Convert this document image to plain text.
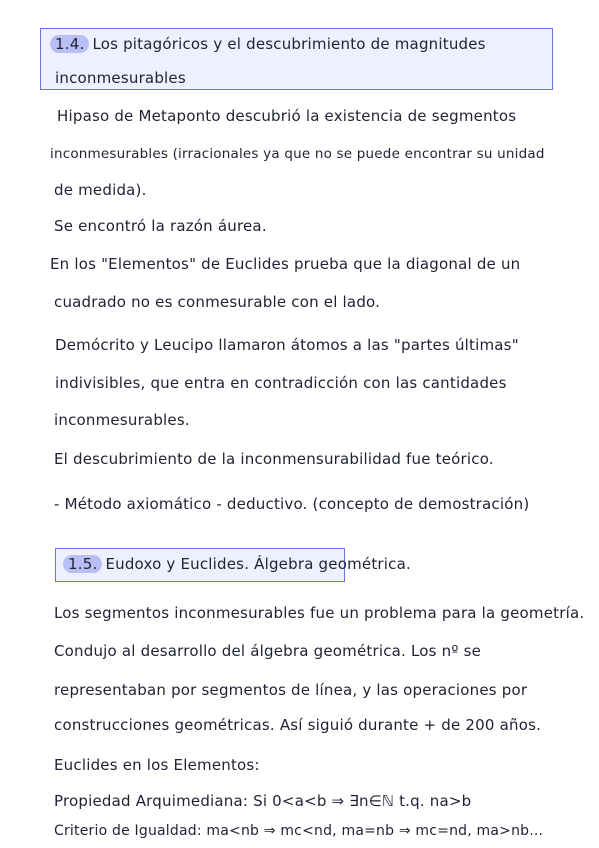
1.4. Los pitagóricos y el descubrimiento de magnitudes
inconmesurables
Hipaso de Metaponto descubrió la existencia de segmentos
inconmesurables (irracionales ya que no se puede encontrar su unidad
de medida).
Se encontró la razón áurea.
En los "Elementos" de Euclides prueba que la diagonal de un
cuadrado no es conmesurable con el lado.
Demócrito y Leucipo llamaron átomos a las "partes últimas"
indivisibles, que entra en contradicción con las cantidades
inconmesurables.
El descubrimiento de la inconmensurabilidad fue teórico.
- Método axiomático - deductivo. (concepto de demostración)
1.5. Eudoxo y Euclides. Álgebra geométrica.
Los segmentos inconmesurables fue un problema para la geometría.
Condujo al desarrollo del álgebra geométrica. Los nº se
representaban por segmentos de línea, y las operaciones por
construcciones geométricas. Así siguió durante + de 200 años.
Euclides en los Elementos:
Propiedad Arquimediana: Si 0<a<b ⇒ ∃n∈ℕ t.q. na>b
Criterio de Igualdad: ma<nb ⇒ mc<nd, ma=nb ⇒ mc=nd, ma>nb...
